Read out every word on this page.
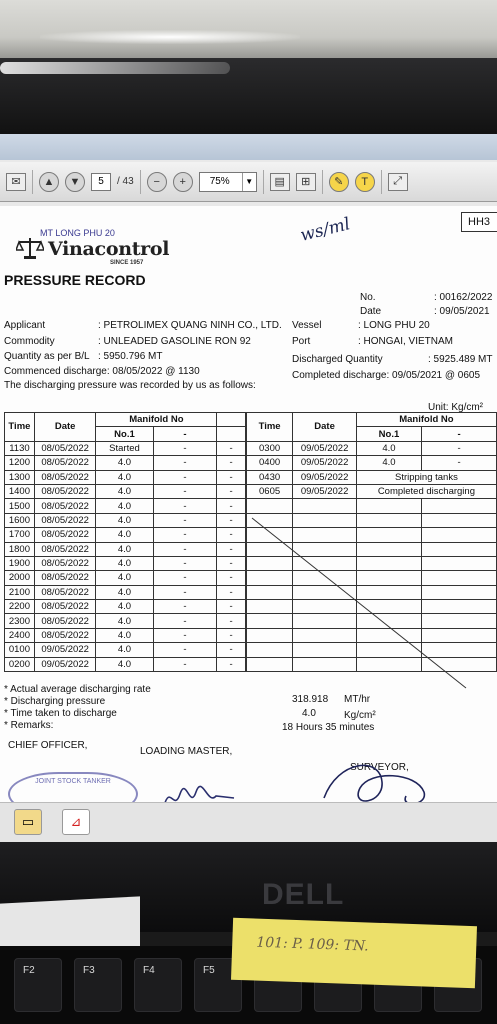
✉	▲	▼	5	/ 43	−	+	75%	▼	▤	⊞	✎	T	⤢
HH3
ws/ml
Vinacontrol
SINCE 1957
PRESSURE RECORD
No.	: 00162/2022
Date	: 09/05/2021
Applicant	: PETROLIMEX QUANG NINH CO., LTD. Vessel	: LONG PHU 20
Commodity	: UNLEADED GASOLINE RON 92	Port	: HONGAI, VIETNAM
Quantity as per B/L : 5950.796 MT	Discharged Quantity	: 5925.489 MT
Commenced discharge: 08/05/2022 @ 1130	Completed discharge: 09/05/2021 @ 0605
The discharging pressure was recorded by us as follows:
Unit: Kg/cm²
Time	Date	Manifold No			Time	Date	Manifold No	
		No.1	-				No.1	-
1130	08/05/2022	Started	-	-	0300	09/05/2022	4.0	-
1200	08/05/2022	4.0	-	-	0400	09/05/2022	4.0	-
1300	08/05/2022	4.0	-	-	0430	09/05/2022	Stripping tanks	
1400	08/05/2022	4.0	-	-	0605	09/05/2022	Completed discharging	
1500	08/05/2022	4.0	-	-				
1600	08/05/2022	4.0	-	-				
1700	08/05/2022	4.0	-	-				
1800	08/05/2022	4.0	-	-				
1900	08/05/2022	4.0	-	-				
2000	08/05/2022	4.0	-	-				
2100	08/05/2022	4.0	-	-				
2200	08/05/2022	4.0	-	-				
2300	08/05/2022	4.0	-	-				
2400	08/05/2022	4.0	-	-				
0100	09/05/2022	4.0	-	-				
0200	09/05/2022	4.0	-	-				
* Actual average discharging rate
318.918 MT/hr
* Discharging pressure
4.0	Kg/cm²
* Time taken to discharge
18 Hours 35 minutes
* Remarks:
CHIEF OFFICER,
LOADING MASTER,
SURVEYOR,
JOINT STOCK TANKER
MT LONG PHU 20
▭	⊿
DELL
F2	F3	F4	F5
101: P. 109: TN.
